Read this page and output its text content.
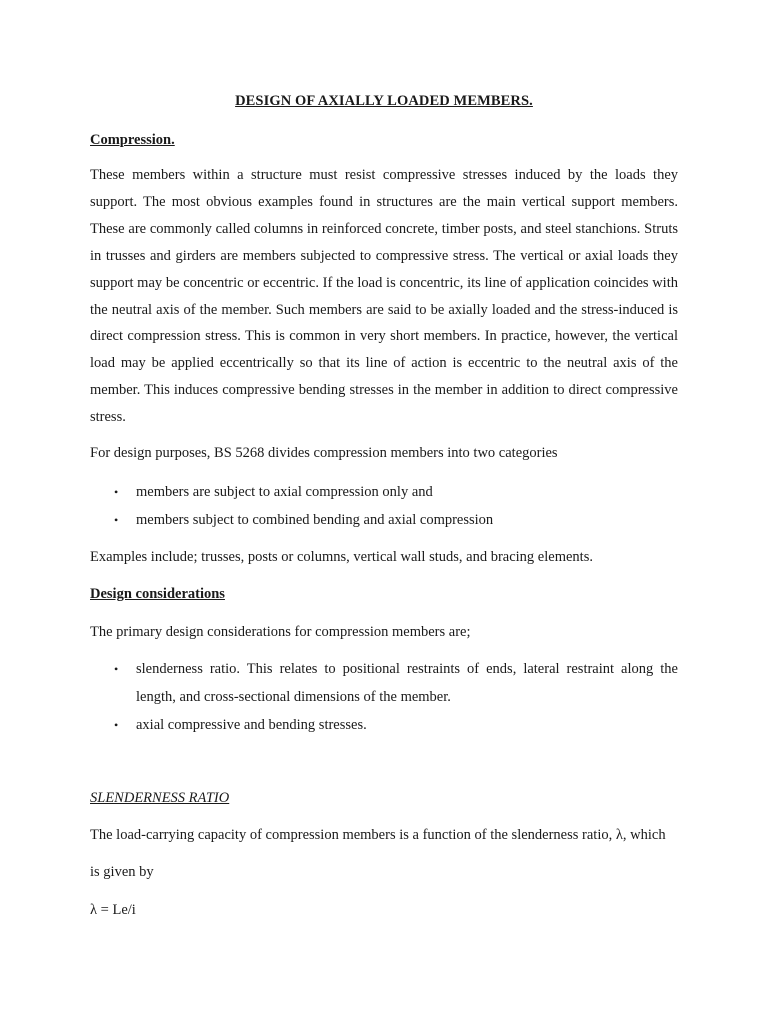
DESIGN OF AXIALLY LOADED MEMBERS.
Compression.
These members within a structure must resist compressive stresses induced by the loads they support. The most obvious examples found in structures are the main vertical support members. These are commonly called columns in reinforced concrete, timber posts, and steel stanchions. Struts in trusses and girders are members subjected to compressive stress. The vertical or axial loads they support may be concentric or eccentric. If the load is concentric, its line of application coincides with the neutral axis of the member. Such members are said to be axially loaded and the stress-induced is direct compression stress. This is common in very short members. In practice, however, the vertical load may be applied eccentrically so that its line of action is eccentric to the neutral axis of the member. This induces compressive bending stresses in the member in addition to direct compressive stress.
For design purposes, BS 5268 divides compression members into two categories
• members are subject to axial compression only and
• members subject to combined bending and axial compression
Examples include; trusses, posts or columns, vertical wall studs, and bracing elements.
Design considerations
The primary design considerations for compression members are;
• slenderness ratio. This relates to positional restraints of ends, lateral restraint along the length, and cross-sectional dimensions of the member.
• axial compressive and bending stresses.
SLENDERNESS RATIO
The load-carrying capacity of compression members is a function of the slenderness ratio, λ, which
is given by
λ = Le/i
